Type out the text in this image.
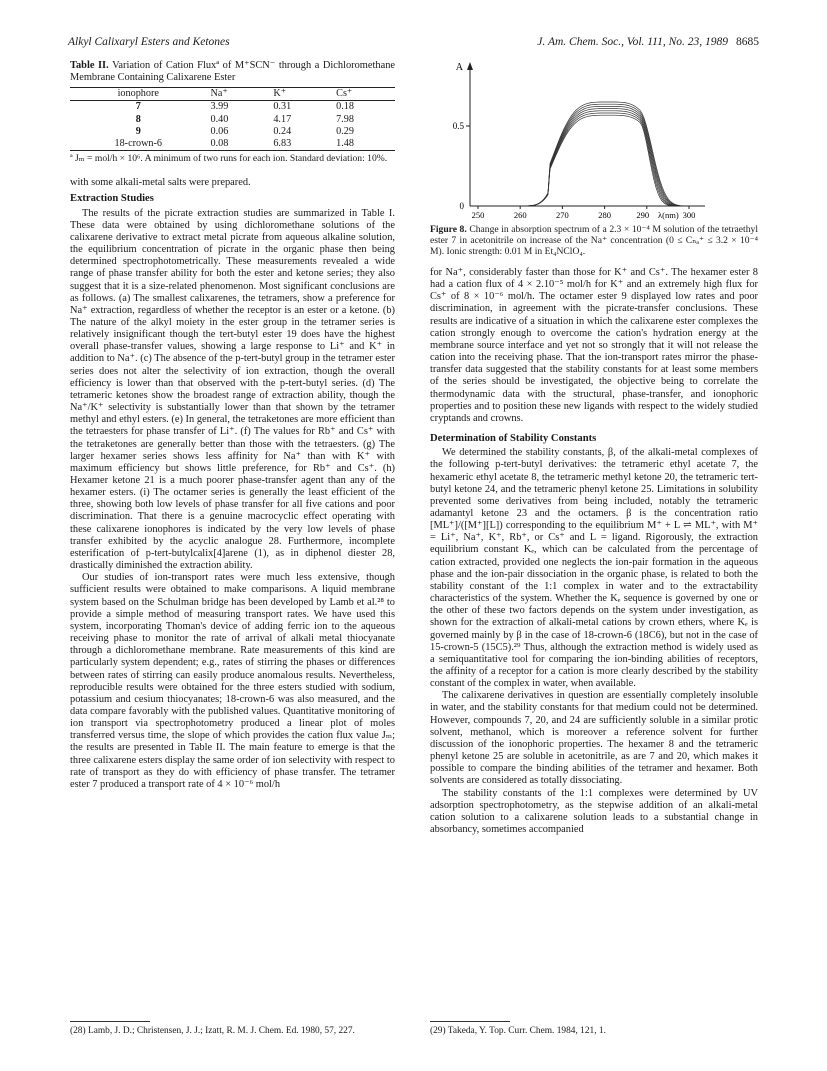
Alkyl Calixaryl Esters and Ketones	J. Am. Chem. Soc., Vol. 111, No. 23, 1989 8685
Table II. Variation of Cation Fluxª of M⁺SCN⁻ through a Dichloromethane Membrane Containing Calixarene Ester
ionophore	Na⁺	K⁺	Cs⁺
7	3.99	0.31	0.18
8	0.40	4.17	7.98
9	0.06	0.24	0.29
18-crown-6	0.08	6.83	1.48
ª Jₘ = mol/h × 10⁶. A minimum of two runs for each ion. Standard deviation: 10%.

with some alkali-metal salts were prepared.

Extraction Studies

The results of the picrate extraction studies are summarized in Table I. These data were obtained by using dichloromethane solutions of the calixarene derivative to extract metal picrate from aqueous alkaline solution, the equilibrium concentration of picrate in the organic phase then being determined spectrophotometrically. These measurements revealed a wide range of phase transfer ability for both the ester and ketone series; they also suggest that it is a size-related phenomenon. Most significant conclusions are as follows. (a) The smallest calixarenes, the tetramers, show a preference for Na⁺ extraction, regardless of whether the receptor is an ester or a ketone. (b) The nature of the alkyl moiety in the ester group in the tetramer series is relatively insignificant though the tert-butyl ester 19 does have the highest overall phase-transfer values, showing a large response to Li⁺ and K⁺ in addition to Na⁺. (c) The absence of the p-tert-butyl group in the tetramer ester series does not alter the selectivity of ion extraction, though the overall efficiency is lower than that observed with the p-tert-butyl series. (d) The tetrameric ketones show the broadest range of extraction ability, though the Na⁺/K⁺ selectivity is substantially lower than that shown by the tetramer methyl and ethyl esters. (e) In general, the tetraketones are more efficient than the tetraesters for phase transfer of Li⁺. (f) The values for Rb⁺ and Cs⁺ with the tetraketones are generally better than those with the tetraesters. (g) The larger hexamer series shows less affinity for Na⁺ than with K⁺ with maximum efficiency but shows little preference, for Rb⁺ and Cs⁺. (h) Hexamer ketone 21 is a much poorer phase-transfer agent than any of the hexamer esters. (i) The octamer series is generally the least efficient of the three, showing both low levels of phase transfer for all five cations and poor discrimination. That there is a genuine macrocyclic effect operating with these calixarene ionophores is indicated by the very low levels of phase transfer exhibited by the acyclic analogue 28. Furthermore, incomplete esterification of p-tert-butylcalix[4]arene (1), as in diphenol diester 28, drastically diminished the extraction ability.

Our studies of ion-transport rates were much less extensive, though sufficient results were obtained to make comparisons. A liquid membrane system based on the Schulman bridge has been developed by Lamb et al.²⁸ to provide a simple method of measuring transport rates. We have used this system, incorporating Thoman's device of adding ferric ion to the aqueous receiving phase to monitor the rate of arrival of alkali metal thiocyanate through a dichloromethane membrane. Rate measurements of this kind are particularly system dependent; e.g., rates of stirring the phases or differences between rates of stirring can easily produce anomalous results. Nevertheless, reproducible results were obtained for the three esters studied with sodium, potassium and cesium thiocyanates; 18-crown-6 was also measured, and the data compare favorably with the published values. Quantitative monitoring of ion transport via spectrophotometry produced a linear plot of moles transferred versus time, the slope of which provides the cation flux value Jₘ; the results are presented in Table II. The main feature to emerge is that the three calixarene esters display the same order of ion selectivity with respect to rate of transport as they do with efficiency of phase transfer. The tetramer ester 7 produced a transport rate of 4 × 10⁻⁶ mol/h

(28) Lamb, J. D.; Christensen, J. J.; Izatt, R. M. J. Chem. Ed. 1980, 57, 227.
A
0.5
0
250	260	270	280	290	300
λ(nm)
Figure 8. Change in absorption spectrum of a 2.3 × 10⁻⁴ M solution of the tetraethyl ester 7 in acetonitrile on increase of the Na⁺ concentration (0 ≤ Cₙₐ⁺ ≤ 3.2 × 10⁻⁴ M). Ionic strength: 0.01 M in Et₄NClO₄.

for Na⁺, considerably faster than those for K⁺ and Cs⁺. The hexamer ester 8 had a cation flux of 4 × 2.10⁻⁵ mol/h for K⁺ and an extremely high flux for Cs⁺ of 8 × 10⁻⁶ mol/h. The octamer ester 9 displayed low rates and poor discrimination, in agreement with the picrate-transfer conclusions. These results are indicative of a situation in which the calixarene ester complexes the cation strongly enough to overcome the cation's hydration energy at the membrane source interface and yet not so strongly that it will not release the cation into the receiving phase. That the ion-transport rates mirror the phase-transfer data suggested that the stability constants for at least some members of the series should be investigated, the objective being to correlate the thermodynamic data with the structural, phase-transfer, and ionophoric properties and to position these new ligands with respect to the widely studied cryptands and crowns.

Determination of Stability Constants

We determined the stability constants, β, of the alkali-metal complexes of the following p-tert-butyl derivatives: the tetrameric ethyl acetate 7, the hexameric ethyl acetate 8, the tetrameric methyl ketone 20, the tetrameric tert-butyl ketone 24, and the tetrameric phenyl ketone 25. Limitations in solubility prevented some derivatives from being included, notably the tetrameric adamantyl ketone 23 and the octamers. β is the concentration ratio [ML⁺]/([M⁺][L]) corresponding to the equilibrium M⁺ + L ⇌ ML⁺, with M⁺ = Li⁺, Na⁺, K⁺, Rb⁺, or Cs⁺ and L = ligand. Rigorously, the extraction equilibrium constant Kₑ, which can be calculated from the percentage of cation extracted, provided one neglects the ion-pair formation in the aqueous phase and the ion-pair dissociation in the organic phase, is related to both the stability constant of the 1:1 complex in water and to the extractability characteristics of the system. Whether the Kₑ sequence is governed by one or the other of these two factors depends on the system under investigation, as shown for the extraction of alkali-metal cations by crown ethers, where Kₑ is governed mainly by β in the case of 18-crown-6 (18C6), but not in the case of 15-crown-5 (15C5).²⁹ Thus, although the extraction method is widely used as a semiquantitative tool for comparing the ion-binding abilities of receptors, the affinity of a receptor for a cation is more clearly described by the stability constant of the complex in water, when available.

The calixarene derivatives in question are essentially completely insoluble in water, and the stability constants for that medium could not be determined. However, compounds 7, 20, and 24 are sufficiently soluble in a similar protic solvent, methanol, which is moreover a reference solvent for further discussion of the ionophoric properties. The hexamer 8 and the tetrameric phenyl ketone 25 are soluble in acetonitrile, as are 7 and 20, which makes it possible to compare the binding abilities of the tetramer and hexamer. Both solvents are considered as totally dissociating.

The stability constants of the 1:1 complexes were determined by UV adsorption spectrophotometry, as the stepwise addition of an alkali-metal cation solution to a calixarene solution leads to a substantial change in absorbancy, sometimes accompanied

(29) Takeda, Y. Top. Curr. Chem. 1984, 121, 1.
